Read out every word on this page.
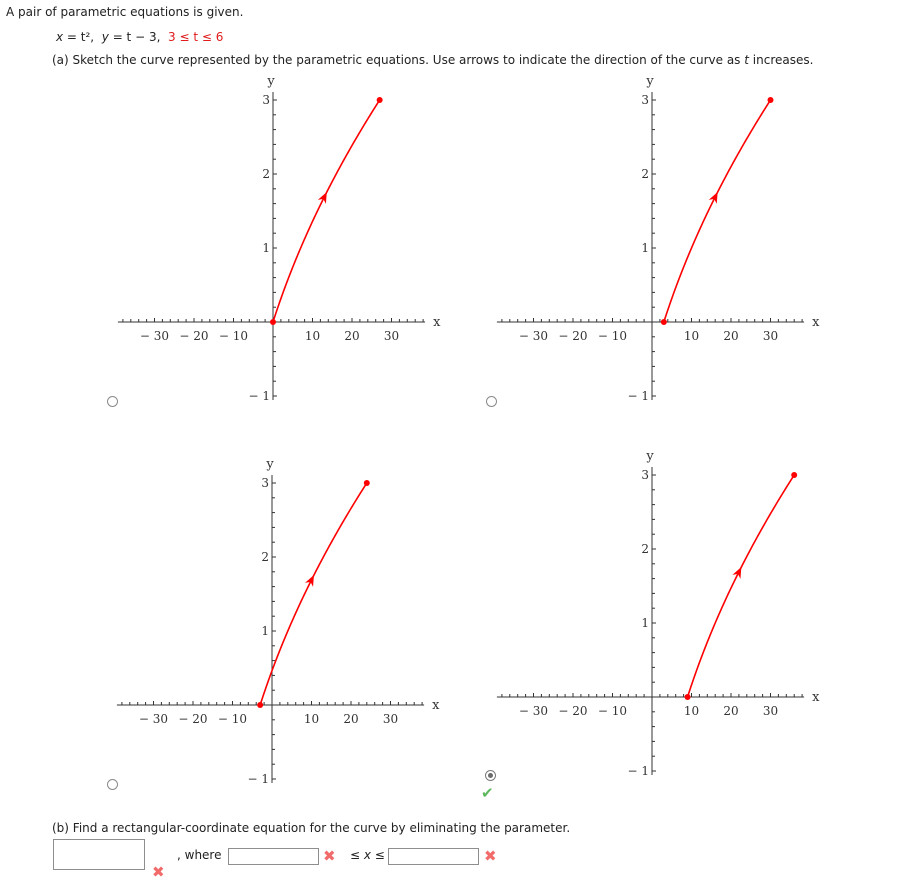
A pair of parametric equations is given.
x = t²,  y = t − 3,  3 ≤ t ≤ 6
(a) Sketch the curve represented by the parametric equations. Use arrows to indicate the direction of the curve as t increases.
− 30 − 20 − 10	10 20 30
− 1
1
2
3
x
y
− 30 − 20 − 10	10 20 30
− 1
1
2
3
x
y
− 30 − 20 − 10	10 20 30
− 1
1
2
3
x
y
− 30 − 20 − 10	10 20 30
− 1
1
2
3
x
y
✔
(b) Find a rectangular-coordinate equation for the curve by eliminating the parameter.
✖
, where	✖ ≤ x ≤	✖
